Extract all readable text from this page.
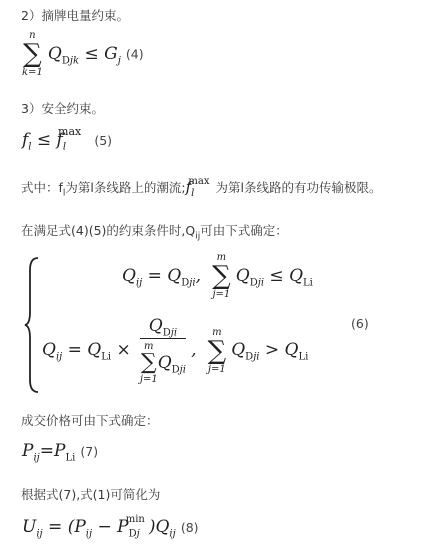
2）摘牌电量约束。
n
∑
k=1
$Q_{Djk} \le G_j$ (4)
3）安全约束。
$f_l \le f_l^{max}$ (5)
式中：$f_l$为第l条线路上的潮流$;f_l^{max}$ 为第l条线路的有功传输极限。
在满足式(4)(5)的约束条件时$,Q_{ij}$可由下式确定：
$Q_{ij} = Q_{Dji}$,
m
∑
j=1
$Q_{Dji} \le Q_{Li}$
$Q_{ij} = Q_{Li} \times Q_{Dji}$
m
∑
j=1
$Q_{Dji}$ ,
m
∑
j=1
$Q_{Dji} > Q_{Li}$
(6)
成交价格可由下式确定：
$P_{ij}=P_{Li}$ (7)
根据式(7),式(1)可简化为
$U_{ij} = (P_{ij} - P_{Dj}^{min}$ )$Q_{ij}$ (8)
